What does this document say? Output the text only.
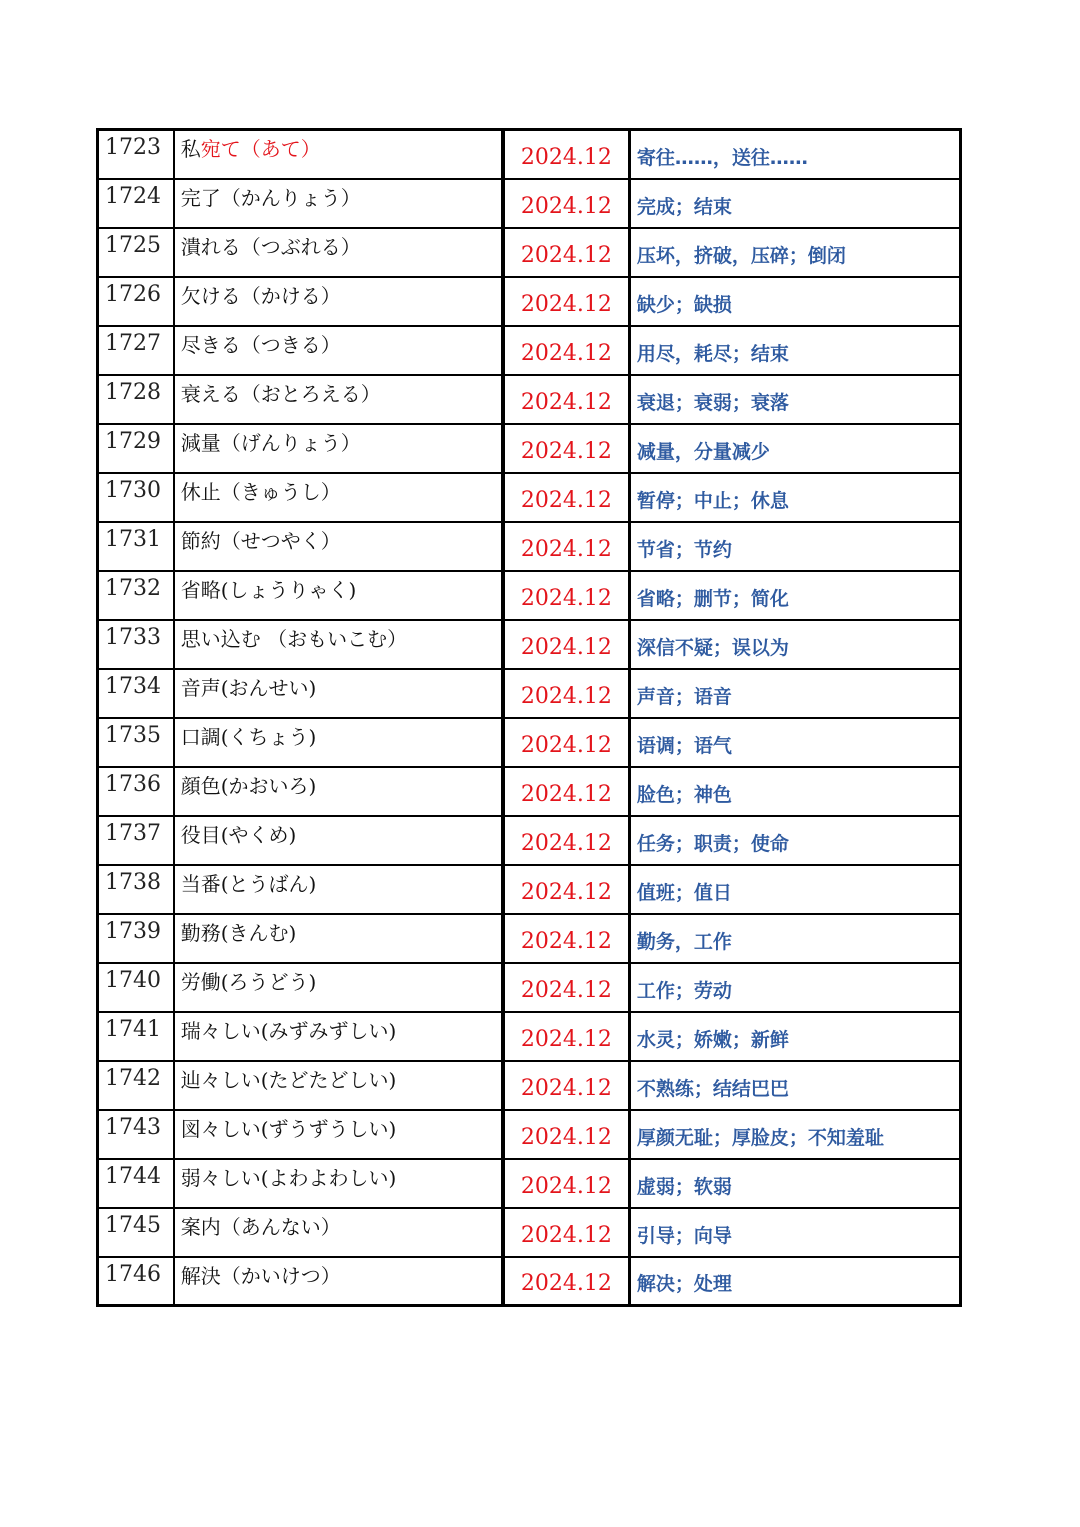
1723	私宛て（あて）	2024.12	寄往……，送往……
1724	完了（かんりょう）	2024.12	完成；结束
1725	潰れる（つぶれる）	2024.12	压坏，挤破，压碎；倒闭
1726	欠ける（かける）	2024.12	缺少；缺损
1727	尽きる（つきる）	2024.12	用尽，耗尽；结束
1728	衰える（おとろえる）	2024.12	衰退；衰弱；衰落
1729	減量（げんりょう）	2024.12	减量，分量减少
1730	休止（きゅうし）	2024.12	暂停；中止；休息
1731	節約（せつやく）	2024.12	节省；节约
1732	省略(しょうりゃく)	2024.12	省略；删节；简化
1733	思い込む （おもいこむ）	2024.12	深信不疑；误以为
1734	音声(おんせい)	2024.12	声音；语音
1735	口調(くちょう)	2024.12	语调；语气
1736	顔色(かおいろ)	2024.12	脸色；神色
1737	役目(やくめ)	2024.12	任务；职责；使命
1738	当番(とうばん)	2024.12	值班；值日
1739	勤務(きんむ)	2024.12	勤务，工作
1740	労働(ろうどう)	2024.12	工作；劳动
1741	瑞々しい(みずみずしい)	2024.12	水灵；娇嫩；新鲜
1742	辿々しい(たどたどしい)	2024.12	不熟练；结结巴巴
1743	図々しい(ずうずうしい)	2024.12	厚颜无耻；厚脸皮；不知羞耻
1744	弱々しい(よわよわしい)	2024.12	虚弱；软弱
1745	案内（あんない）	2024.12	引导；向导
1746	解決（かいけつ）	2024.12	解决；处理
